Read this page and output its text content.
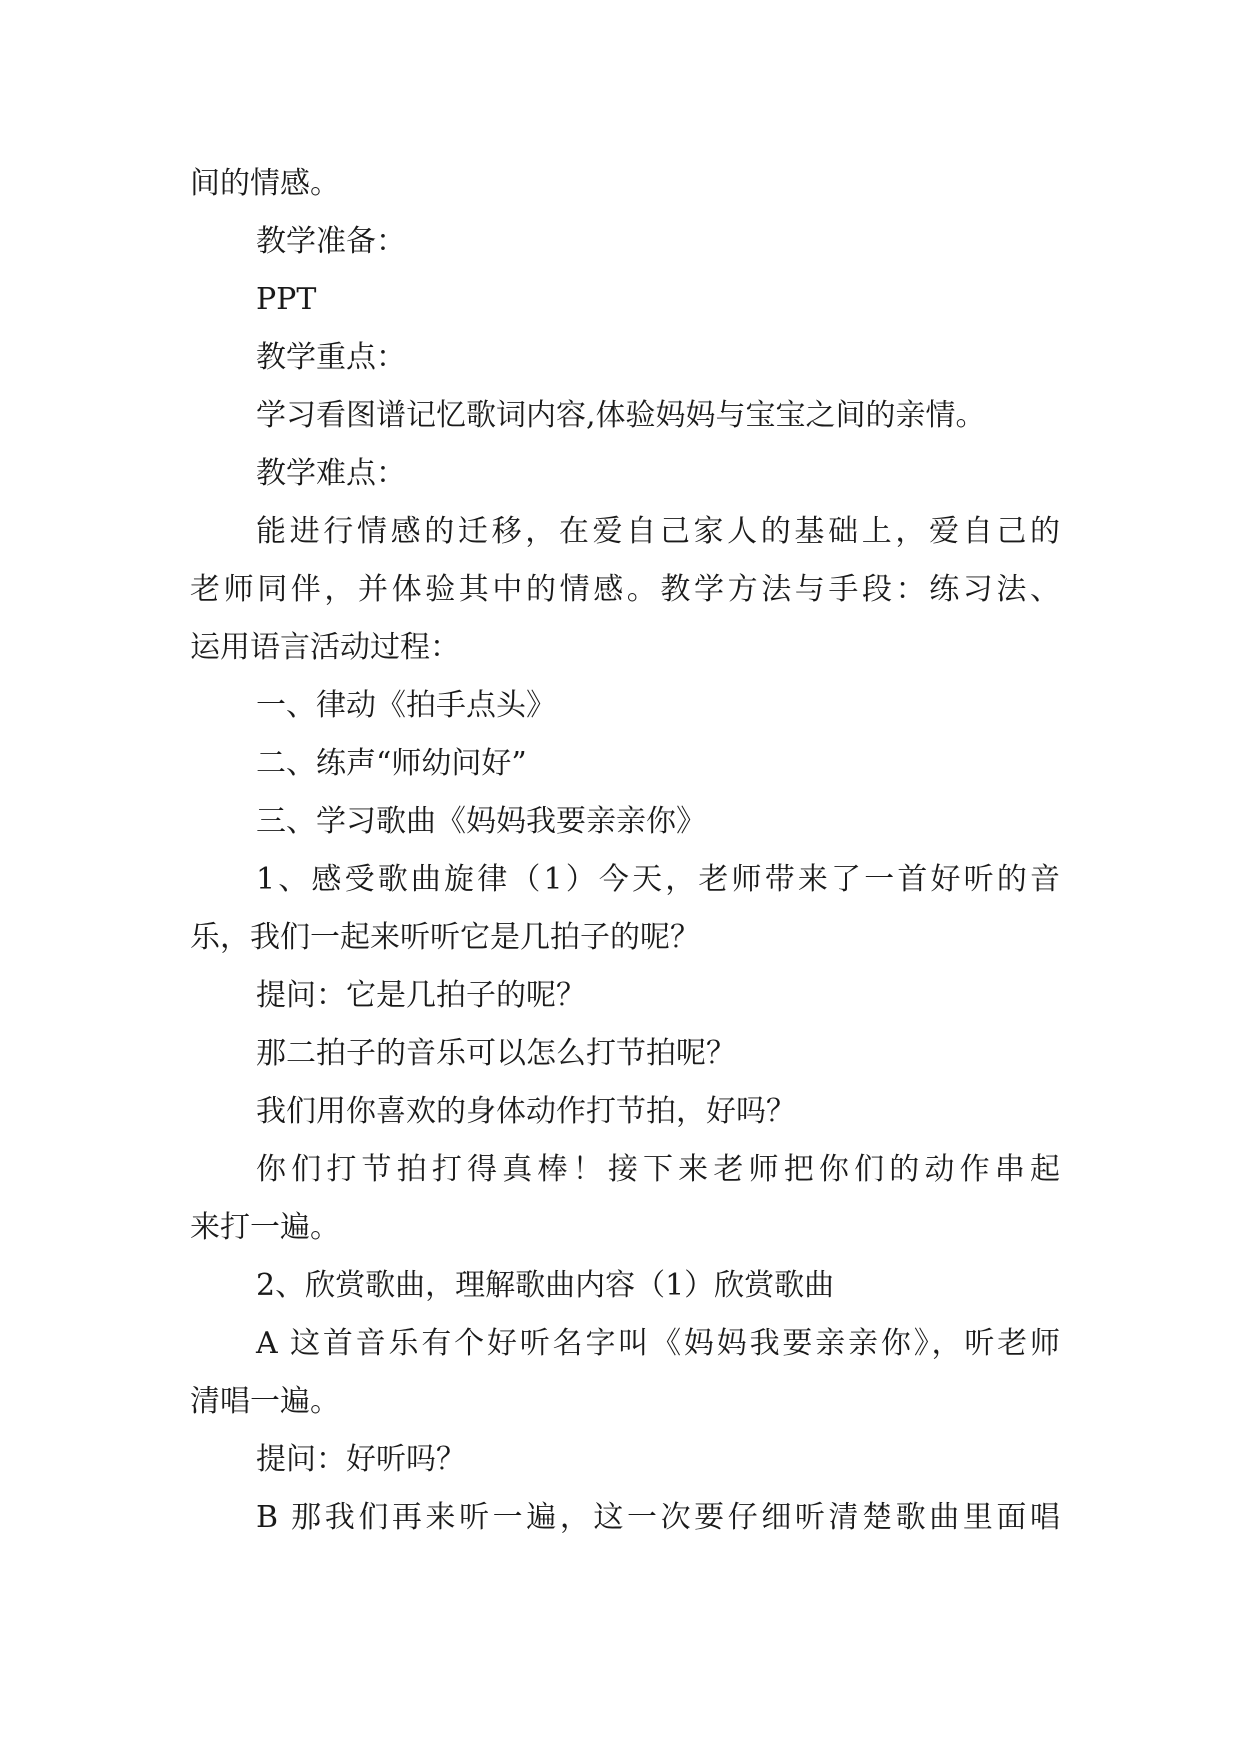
间的情感。
教学准备：
PPT
教学重点：
学习看图谱记忆歌词内容,体验妈妈与宝宝之间的亲情。
教学难点：
能进行情感的迁移，在爱自己家人的基础上，爱自己的
老师同伴，并体验其中的情感。教学方法与手段：练习法、
运用语言活动过程：
一、律动《拍手点头》
二、练声“师幼问好”
三、学习歌曲《妈妈我要亲亲你》
1、感受歌曲旋律（1）今天，老师带来了一首好听的音
乐，我们一起来听听它是几拍子的呢？
提问：它是几拍子的呢？
那二拍子的音乐可以怎么打节拍呢？
我们用你喜欢的身体动作打节拍，好吗？
你们打节拍打得真棒！接下来老师把你们的动作串起
来打一遍。
2、欣赏歌曲，理解歌曲内容（1）欣赏歌曲
A 这首音乐有个好听名字叫《妈妈我要亲亲你》，听老师
清唱一遍。
提问：好听吗？
B 那我们再来听一遍，这一次要仔细听清楚歌曲里面唱
